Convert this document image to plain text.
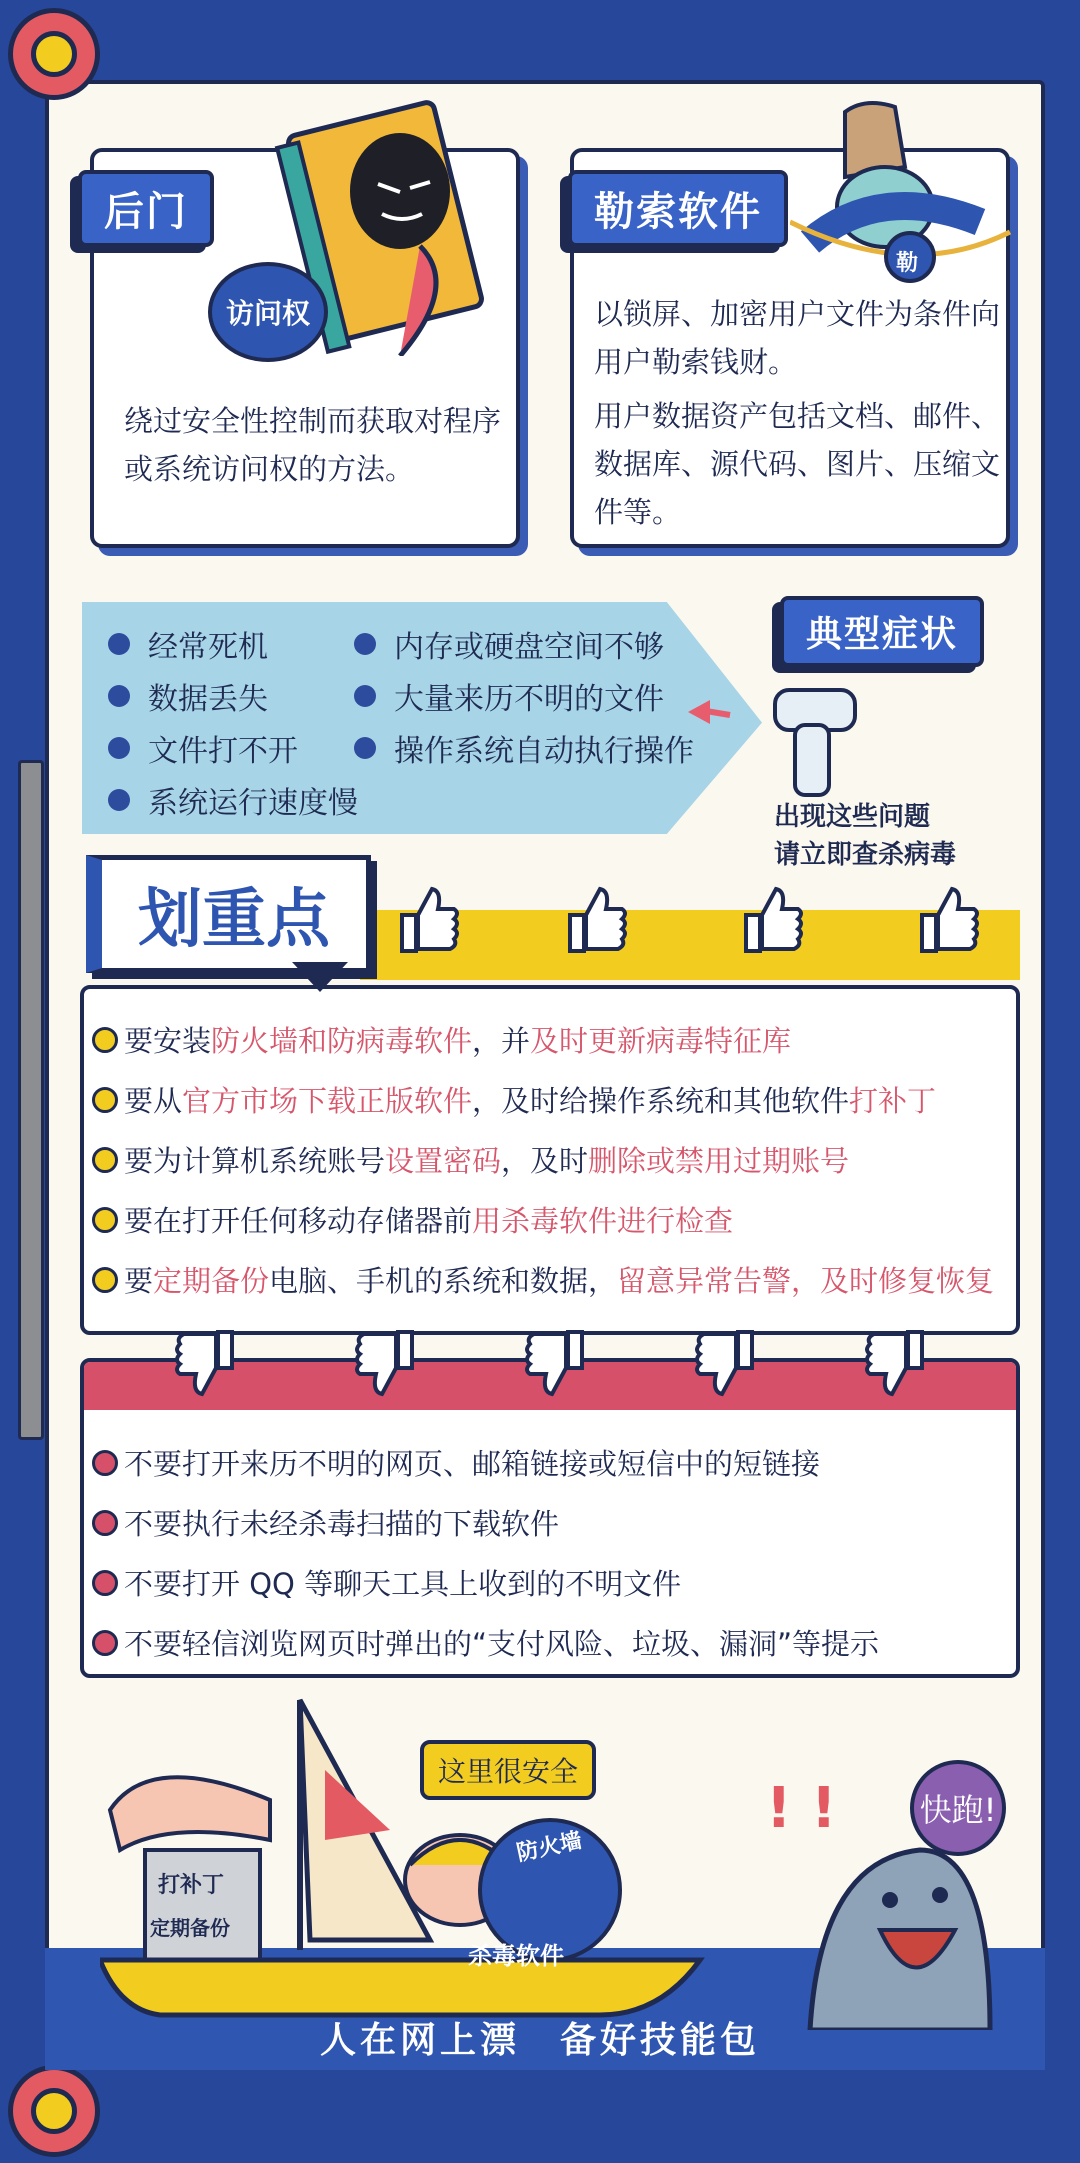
绕过安全性控制而获取对程序或系统访问权的方法。

后门
访问权	以锁屏、加密用户文件为条件向用户勒索钱财。

用户数据资产包括文档、邮件、数据库、源代码、图片、压缩文件等。

勒索软件
勒
经常死机
数据丢失
文件打不开
系统运行速度慢
内存或硬盘空间不够
大量来历不明的文件
操作系统自动执行操作
典型症状
出现这些问题
请立即查杀病毒
划重点
要安装 防火墙和防病毒软件 ，并 及时更新病毒特征库
要从 官方市场下载正版软件 ，及时给操作系统和其他软件 打补丁
要为计算机系统账号 设置密码 ，及时 删除或禁用过期账号
要在打开任何移动存储器前 用杀毒软件进行检查
要 定期备份 电脑、手机的系统和数据， 留意异常告警，及时修复恢复
不要打开来历不明的网页、邮箱链接或短信中的短链接
不要执行未经杀毒扫描的下载软件
不要打开 QQ 等聊天工具上收到的不明文件
不要轻信浏览网页时弹出的“支付风险、垃圾、漏洞”等提示
打补丁
定期备份
防火墙
杀毒软件
这里很安全
! !	快跑!
人在网上漂　备好技能包
